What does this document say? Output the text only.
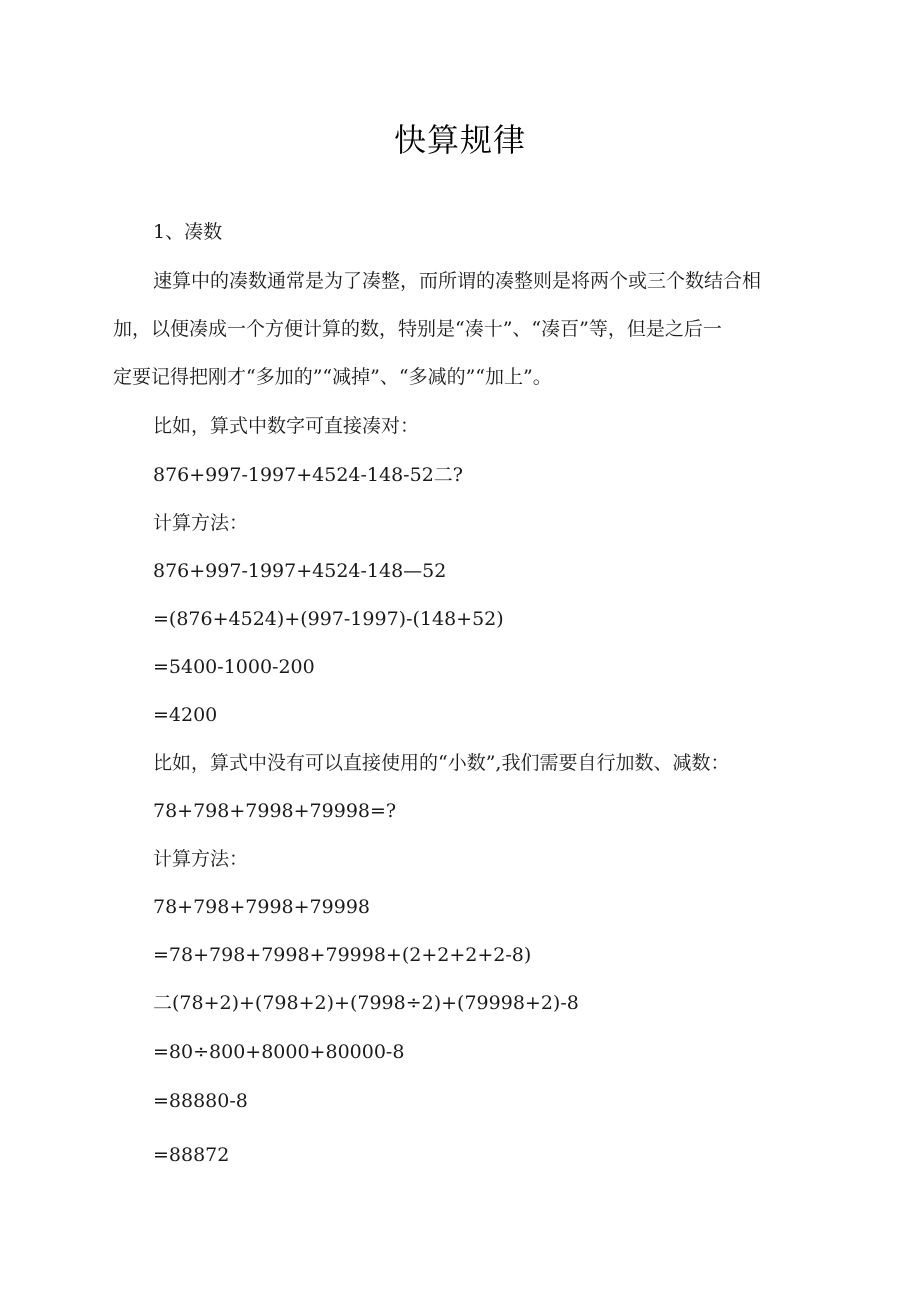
快算规律
1、凑数
速算中的凑数通常是为了凑整，而所谓的凑整则是将两个或三个数结合相
加，以便凑成一个方便计算的数，特别是“凑十”、“凑百”等，但是之后一
定要记得把刚才“多加的”“减掉”、“多减的”“加上”。
比如，算式中数字可直接凑对：
876+997-1997+4524-148-52二?
计算方法：
876+997-1997+4524-148—52
=(876+4524)+(997-1997)-(148+52)
=5400-1000-200
=4200
比如，算式中没有可以直接使用的“小数”,我们需要自行加数、减数：
78+798+7998+79998=?
计算方法：
78+798+7998+79998
=78+798+7998+79998+(2+2+2+2-8)
二(78+2)+(798+2)+(7998÷2)+(79998+2)-8
=80÷800+8000+80000-8
=88880-8
=88872
